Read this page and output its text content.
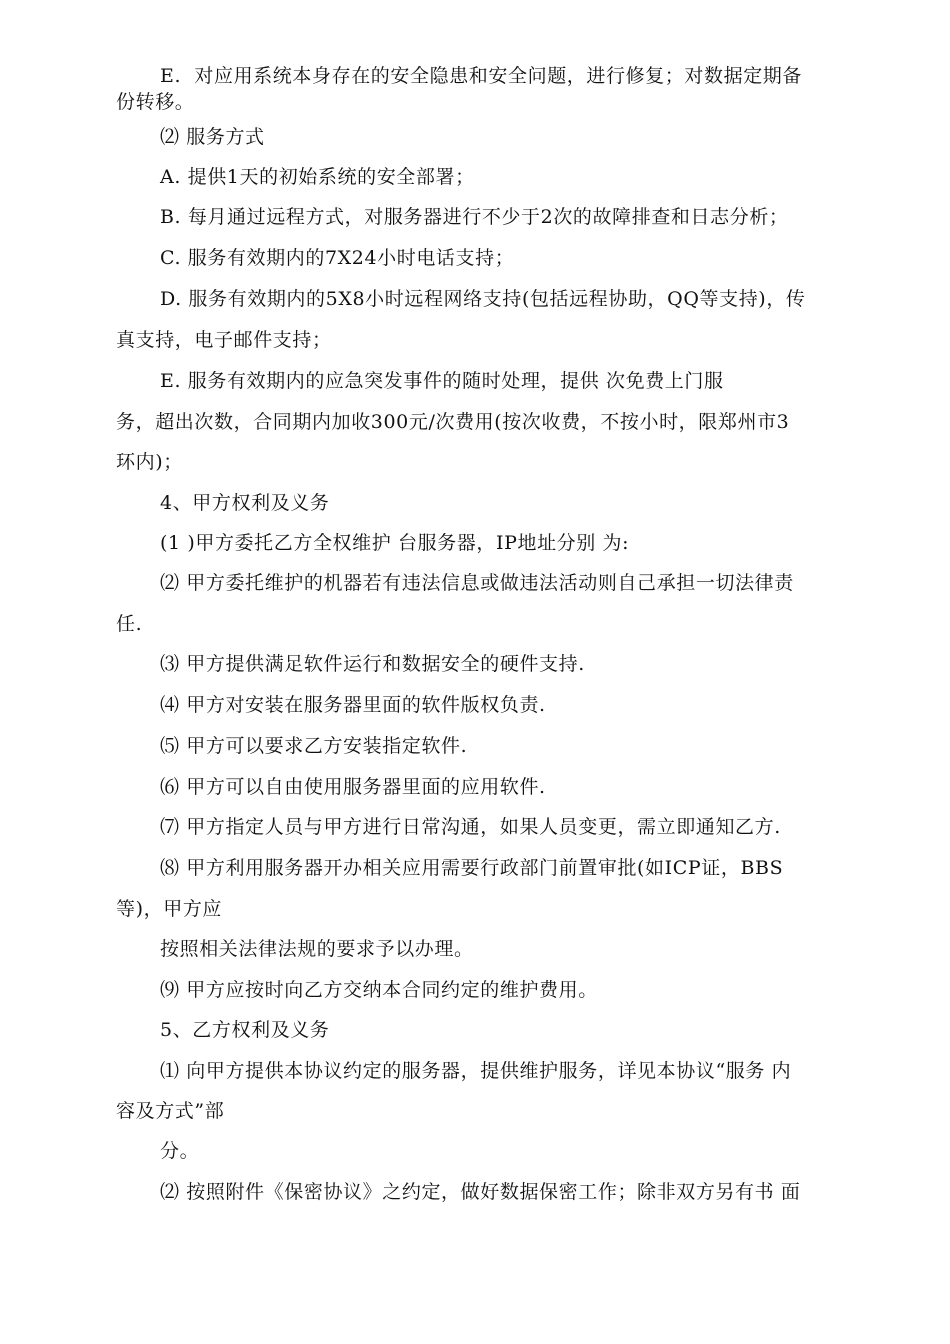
E.  对应用系统本身存在的安全隐患和安全问题，进行修复；对数据定期备
份转移。
⑵ 服务方式
A. 提供1天的初始系统的安全部署；
B. 每月通过远程方式，对服务器进行不少于2次的故障排查和日志分析；
C. 服务有效期内的7X24小时电话支持；
D. 服务有效期内的5X8小时远程网络支持(包括远程协助，QQ等支持)，传
真支持，电子邮件支持；
E. 服务有效期内的应急突发事件的随时处理，提供 次免费上门服
务，超出次数，合同期内加收300元/次费用(按次收费，不按小时，限郑州市3
环内)；
4、甲方权利及义务
(1 )甲方委托乙方全权维护 台服务器，IP地址分别 为:
⑵ 甲方委托维护的机器若有违法信息或做违法活动则自己承担一切法律责
任.
⑶ 甲方提供满足软件运行和数据安全的硬件支持.
⑷ 甲方对安装在服务器里面的软件版权负责.
⑸ 甲方可以要求乙方安装指定软件.
⑹ 甲方可以自由使用服务器里面的应用软件.
⑺ 甲方指定人员与甲方进行日常沟通，如果人员变更，需立即通知乙方.
⑻ 甲方利用服务器开办相关应用需要行政部门前置审批(如ICP证，BBS
等)，甲方应
按照相关法律法规的要求予以办理。
⑼ 甲方应按时向乙方交纳本合同约定的维护费用。
5、乙方权利及义务
⑴ 向甲方提供本协议约定的服务器，提供维护服务，详见本协议“服务 内
容及方式”部
分。
⑵ 按照附件《保密协议》之约定，做好数据保密工作；除非双方另有书 面
